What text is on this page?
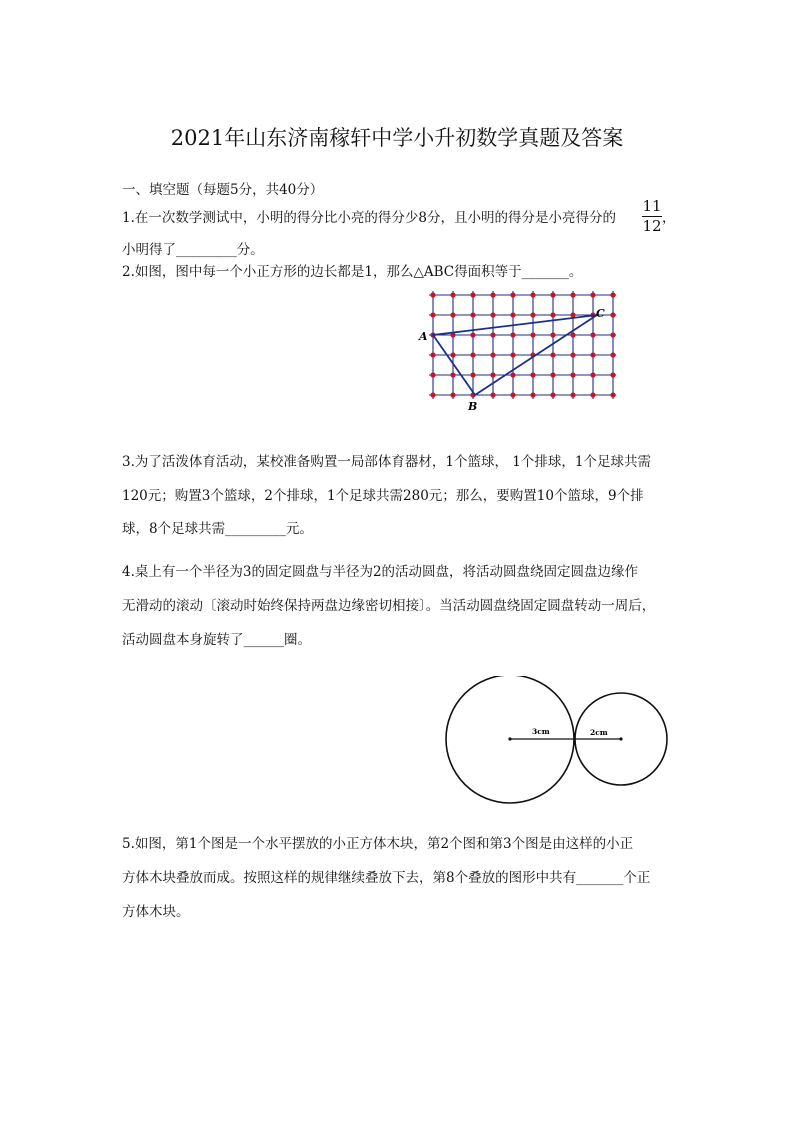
2021年山东济南稼轩中学小升初数学真题及答案
一、填空题（每题5分，共40分）
1.在一次数学测试中，小明的得分比小亮的得分少8分，且小明的得分是小亮得分的
11
12 ，
小明得了_________分。
2.如图，图中每一个小正方形的边长都是1，那么△ABC得面积等于_______。
A
B
C
3.为了活泼体育活动，某校准备购置一局部体育器材，1个篮球， 1个排球，1个足球共需
120元；购置3个篮球，2个排球，1个足球共需280元；那么，要购置10个篮球，9个排
球，8个足球共需_________元。
4.桌上有一个半径为3的固定圆盘与半径为2的活动圆盘，将活动圆盘绕固定圆盘边缘作
无滑动的滚动〔滚动时始终保持两盘边缘密切相接〕。当活动圆盘绕固定圆盘转动一周后，
活动圆盘本身旋转了______圈。
3cm	2cm
5.如图，第1个图是一个水平摆放的小正方体木块，第2个图和第3个图是由这样的小正
方体木块叠放而成。按照这样的规律继续叠放下去，第8个叠放的图形中共有_______个正
方体木块。
